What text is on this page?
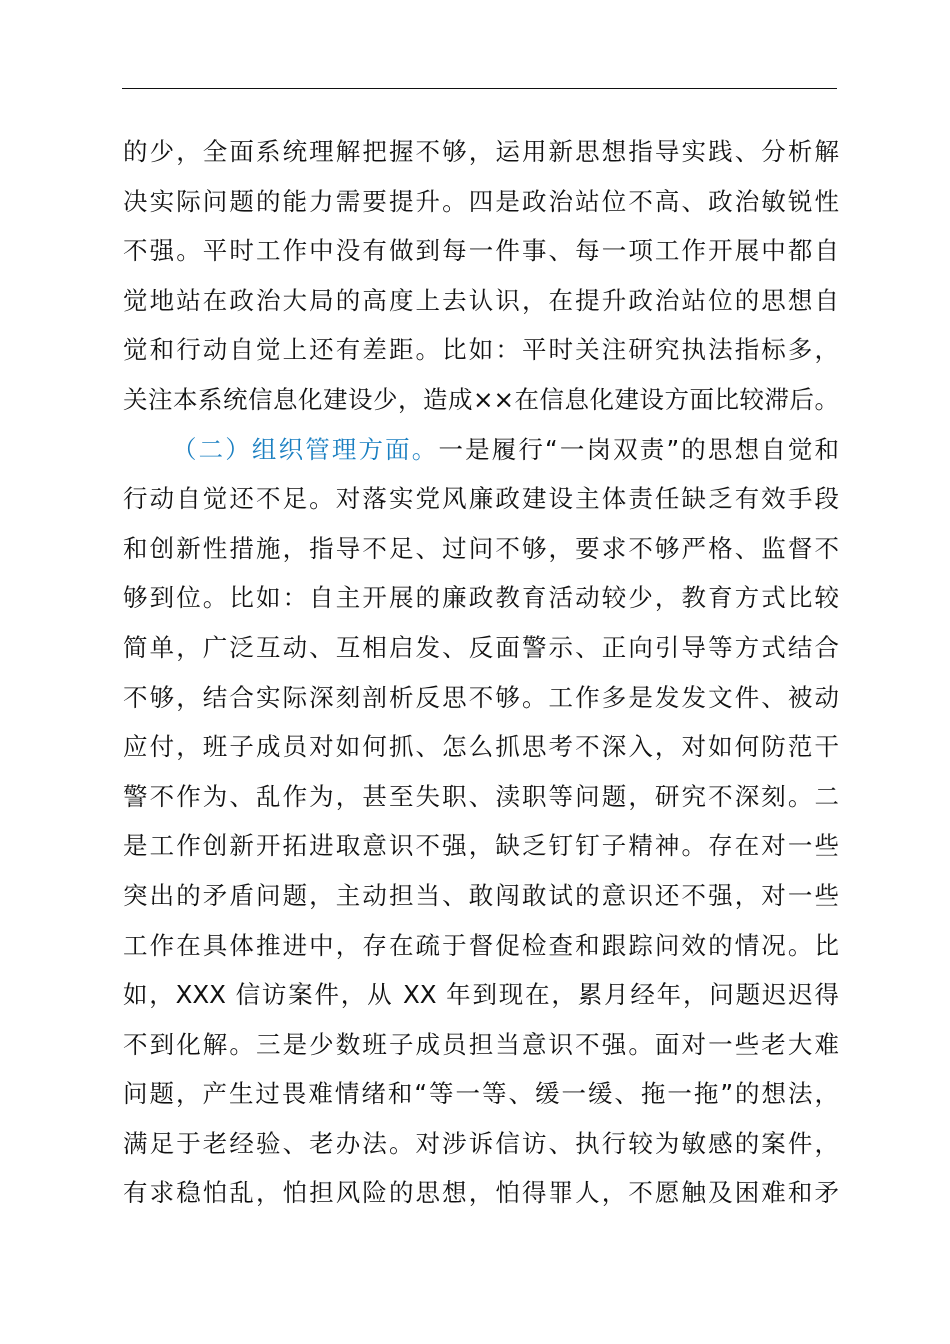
的少，全面系统理解把握不够，运用新思想指导实践、分析解
决实际问题的能力需要提升。四是政治站位不高、政治敏锐性
不强。平时工作中没有做到每一件事、每一项工作开展中都自
觉地站在政治大局的高度上去认识，在提升政治站位的思想自
觉和行动自觉上还有差距。比如：平时关注研究执法指标多，
关注本系统信息化建设少，造成××在信息化建设方面比较滞后。
（二）组织管理方面。一是履行“一岗双责”的思想自觉和
行动自觉还不足。对落实党风廉政建设主体责任缺乏有效手段
和创新性措施，指导不足、过问不够，要求不够严格、监督不
够到位。比如：自主开展的廉政教育活动较少，教育方式比较
简单，广泛互动、互相启发、反面警示、正向引导等方式结合
不够，结合实际深刻剖析反思不够。工作多是发发文件、被动
应付，班子成员对如何抓、怎么抓思考不深入，对如何防范干
警不作为、乱作为，甚至失职、渎职等问题，研究不深刻。二
是工作创新开拓进取意识不强，缺乏钉钉子精神。存在对一些
突出的矛盾问题，主动担当、敢闯敢试的意识还不强，对一些
工作在具体推进中，存在疏于督促检查和跟踪问效的情况。比
如，XXX 信访案件，从 XX 年到现在，累月经年，问题迟迟得
不到化解。三是少数班子成员担当意识不强。面对一些老大难
问题，产生过畏难情绪和“等一等、缓一缓、拖一拖”的想法，
满足于老经验、老办法。对涉诉信访、执行较为敏感的案件，
有求稳怕乱，怕担风险的思想，怕得罪人，不愿触及困难和矛
